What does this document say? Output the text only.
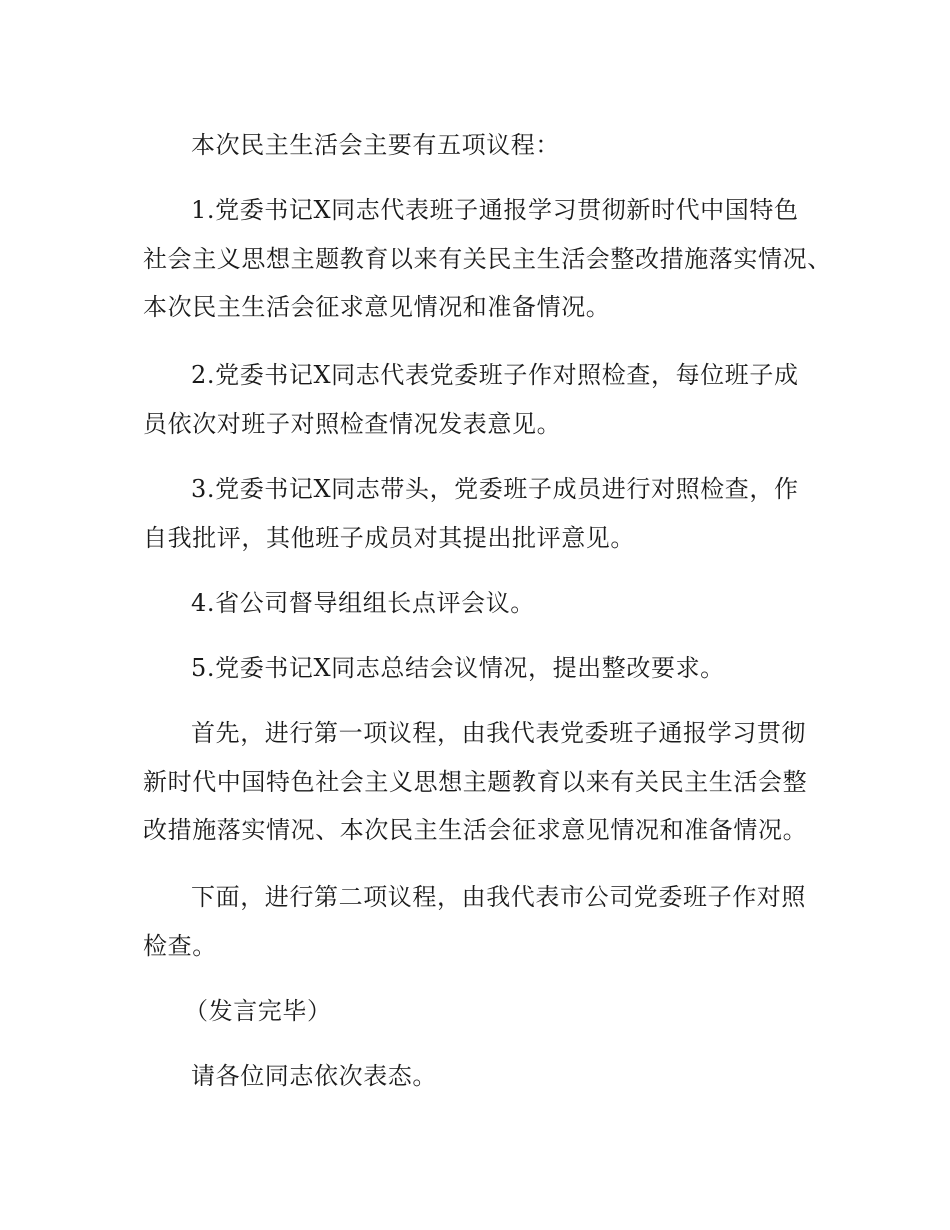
本次民主生活会主要有五项议程：

1.党委书记X同志代表班子通报学习贯彻新时代中国特色
社会主义思想主题教育以来有关民主生活会整改措施落实情况、
本次民主生活会征求意见情况和准备情况。
2.党委书记X同志代表党委班子作对照检查，每位班子成
员依次对班子对照检查情况发表意见。
3.党委书记X同志带头，党委班子成员进行对照检查，作
自我批评，其他班子成员对其提出批评意见。

4.省公司督导组组长点评会议。

5.党委书记X同志总结会议情况，提出整改要求。

首先，进行第一项议程，由我代表党委班子通报学习贯彻
新时代中国特色社会主义思想主题教育以来有关民主生活会整
改措施落实情况、本次民主生活会征求意见情况和准备情况。
下面，进行第二项议程，由我代表市公司党委班子作对照
检查。

（发言完毕）

请各位同志依次表态。
